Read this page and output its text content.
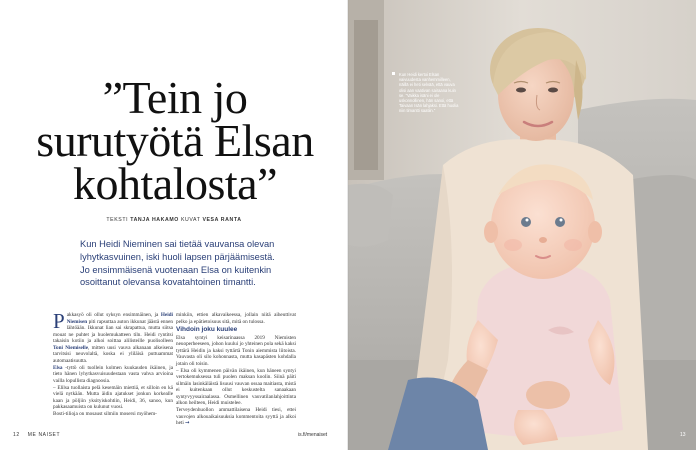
”Tein jo
surutyötä Elsan
kohtalosta”
TEKSTI TANJA HAKAMO KUVAT VESA RANTA
Kun Heidi Nieminen sai tietää vauvansa olevan lyhytkasvuinen, iski huoli lapsen pärjäämisestä. Jo ensimmäisenä vuotenaan Elsa on kuitenkin osoittanut olevansa kovatahtoinen timantti.

Pakkasyö oli ollut syksyn ensimmäinen, ja Heidi Niemisen piti rapsuttaa auton ikkunat jäästä ennen lähtöään. Ikkunat lian sai skrapattua, mutta siitsa mouat ne puhtet ja huolemukatteen tiln. Heidi ryntitsi takaisin kotiin ja alkoi soittaa alilisteille puolisolleen Toni Niemiselle, mitten uusi vauva alkanaan alkeisena tarvitsisi neuvolaltä, koska ei yliläisä puttuammat automaatisuutta.

Elsa -tyttö oli tuollein kolmen kuukauden ikäinen, ja tieto hänen lyhytkasvuisuudestaan vasta vahva arvioina vailla lopullista diagnoosia.

– Elilsa tuollaista pelä kesemäin miettiä, et silloin en kä vielä nytkään. Mutta äidin ajatukset jonkun korkealle kaan ja pöljiin yksityiskohtiin, Heidi, 36, sanoo, kun pakkasaamuista on kulunut vuosi.

Bosti-tilioja on mosaust silmiin mosersi myöhem-

minkiin, ettien alkavaikeessa, jollain niitä aiheuttivat pelko ja epätietoisuus sitä, mitä on tulossa.

Vihdoin joku kuulee

Elsa syntyi keisarinaassa 2019 Niemisten neuoperheeseen, johon kuului jo yhteinen pola sekä kaksi tyttärä Heidin ja kaksi tyttärtä Tonin aiemmista liitoista. Vauvasta oli silo kohonnasta, mutta kasapästen kohdalla jotain oli toisin.

– Elsa oli kymmenen päivän ikäinen, kun häneen syntyi vertokemuksessa tuli puolen maksan koolin. Siinä päiti silmäin lasinkäläistä lisuusi vauvan ossaa maitiasta, mistä ei kuitenkaan ollut keskustelta sanaakaan syntyvyyssairaalassa. Osmellinen vauvatilanlahjoittinta alkon heilteen, Heidi muistelee.

Terveydenhuollon ammattilaisena Heidi tiesi, ettei vauvojen alkouaikaisuuksia kommentoita syyttä ja alkoi heti →

12 ME NAISET	is.fi/menaiset
Kun Heidi kertoi Elsan vaivuudesta vanhemmilleen, näillä ei heti selvää, että vauva olisi aan vaativan sairaana kuin se. ”Vaikka isäni ei ole uskonnollinen, hän sanoi, että Taivaan Isän lahjaksi. Että huolia niin timantti saatiin.”
13
